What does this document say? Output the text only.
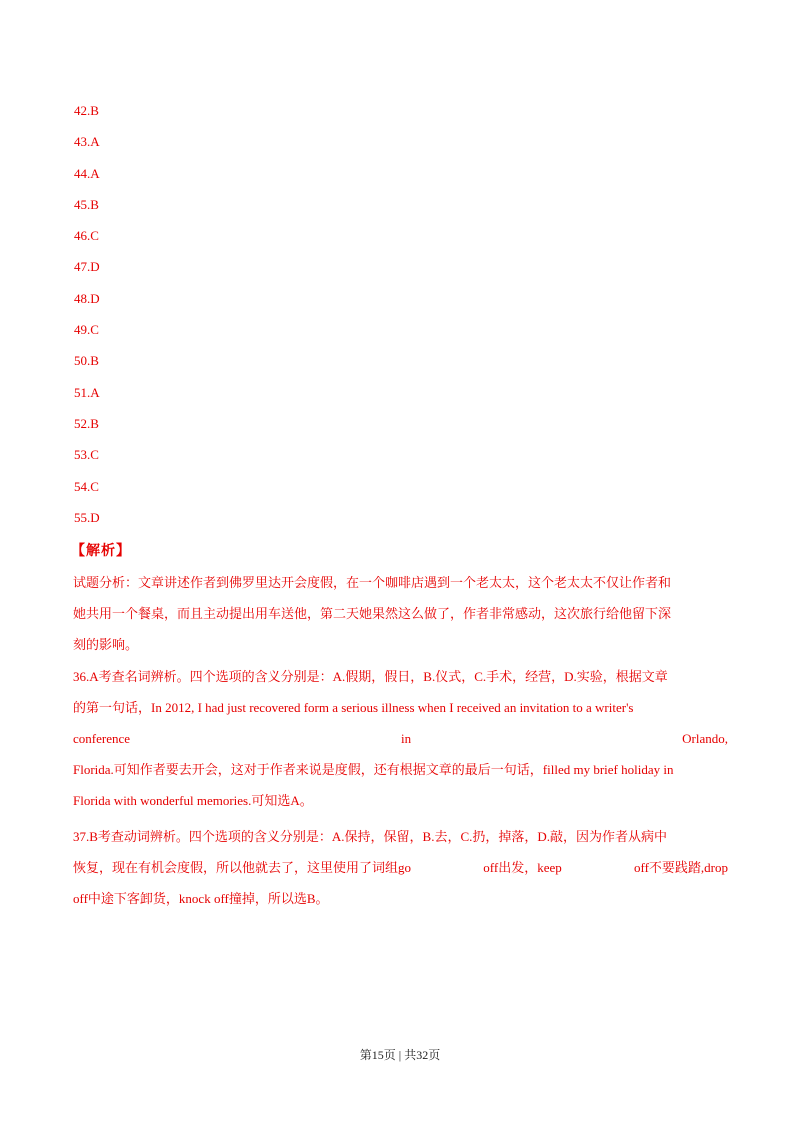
42.B
43.A
44.A
45.B
46.C
47.D
48.D
49.C
50.B
51.A
52.B
53.C
54.C
55.D
【解析】
试题分析：文章讲述作者到佛罗里达开会度假，在一个咖啡店遇到一个老太太，这个老太太不仅让作者和
她共用一个餐桌，而且主动提出用车送他，第二天她果然这么做了，作者非常感动，这次旅行给他留下深
刻的影响。
36.A考查名词辨析。四个选项的含义分别是：A.假期，假日，B.仪式，C.手术，经营，D.实验，根据文章
的第一句话，In 2012, I had just recovered form a serious illness when I received an invitation to a writer's
conference	in	Orlando,
Florida.可知作者要去开会，这对于作者来说是度假，还有根据文章的最后一句话，filled my brief holiday in
Florida with wonderful memories.可知选A。
37.B考查动词辨析。四个选项的含义分别是：A.保持，保留，B.去，C.扔，掉落，D.敲，因为作者从病中
恢复，现在有机会度假，所以他就去了，这里使用了词组go	off出发，keep	off不要践踏,drop
off中途下客卸货，knock off撞掉，所以选B。
第15页 | 共32页
